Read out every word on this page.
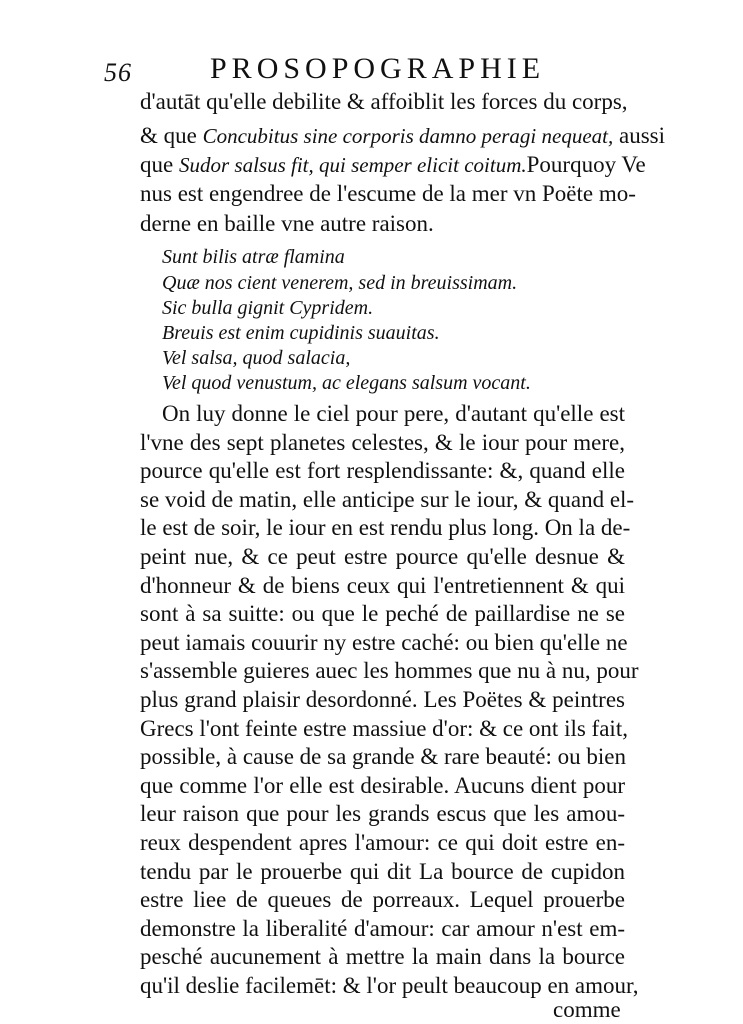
56	PROSOPOGRAPHIE
d'autāt qu'elle debilite & affoiblit les forces du corps,
& que Concubitus sine corporis damno peragi nequeat, aussi
que Sudor salsus fit, qui semper elicit coitum.Pourquoy Ve
nus est engendree de l'escume de la mer vn Poëte mo-
derne en baille vne autre raison.
Sunt bilis atræ flamina
Quæ nos cient venerem, sed in breuissimam.
Sic bulla gignit Cypridem.
Breuis est enim cupidinis suauitas.
Vel salsa, quod salacia,
Vel quod venustum, ac elegans salsum vocant.
On luy donne le ciel pour pere, d'autant qu'elle est
l'vne des sept planetes celestes, & le iour pour mere,
pource qu'elle est fort resplendissante: &, quand elle
se void de matin, elle anticipe sur le iour, & quand el-
le est de soir, le iour en est rendu plus long. On la de-
peint nue, & ce peut estre pource qu'elle desnue &
d'honneur & de biens ceux qui l'entretiennent & qui
sont à sa suitte: ou que le peché de paillardise ne se
peut iamais couurir ny estre caché: ou bien qu'elle ne
s'assemble guieres auec les hommes que nu à nu, pour
plus grand plaisir desordonné. Les Poëtes & peintres
Grecs l'ont feinte estre massiue d'or: & ce ont ils fait,
possible, à cause de sa grande & rare beauté: ou bien
que comme l'or elle est desirable. Aucuns dient pour
leur raison que pour les grands escus que les amou-
reux despendent apres l'amour: ce qui doit estre en-
tendu par le prouerbe qui dit La bource de cupidon
estre liee de queues de porreaux. Lequel prouerbe
demonstre la liberalité d'amour: car amour n'est em-
pesché aucunement à mettre la main dans la bource
qu'il deslie facilemēt: & l'or peult beaucoup en amour,
comme
